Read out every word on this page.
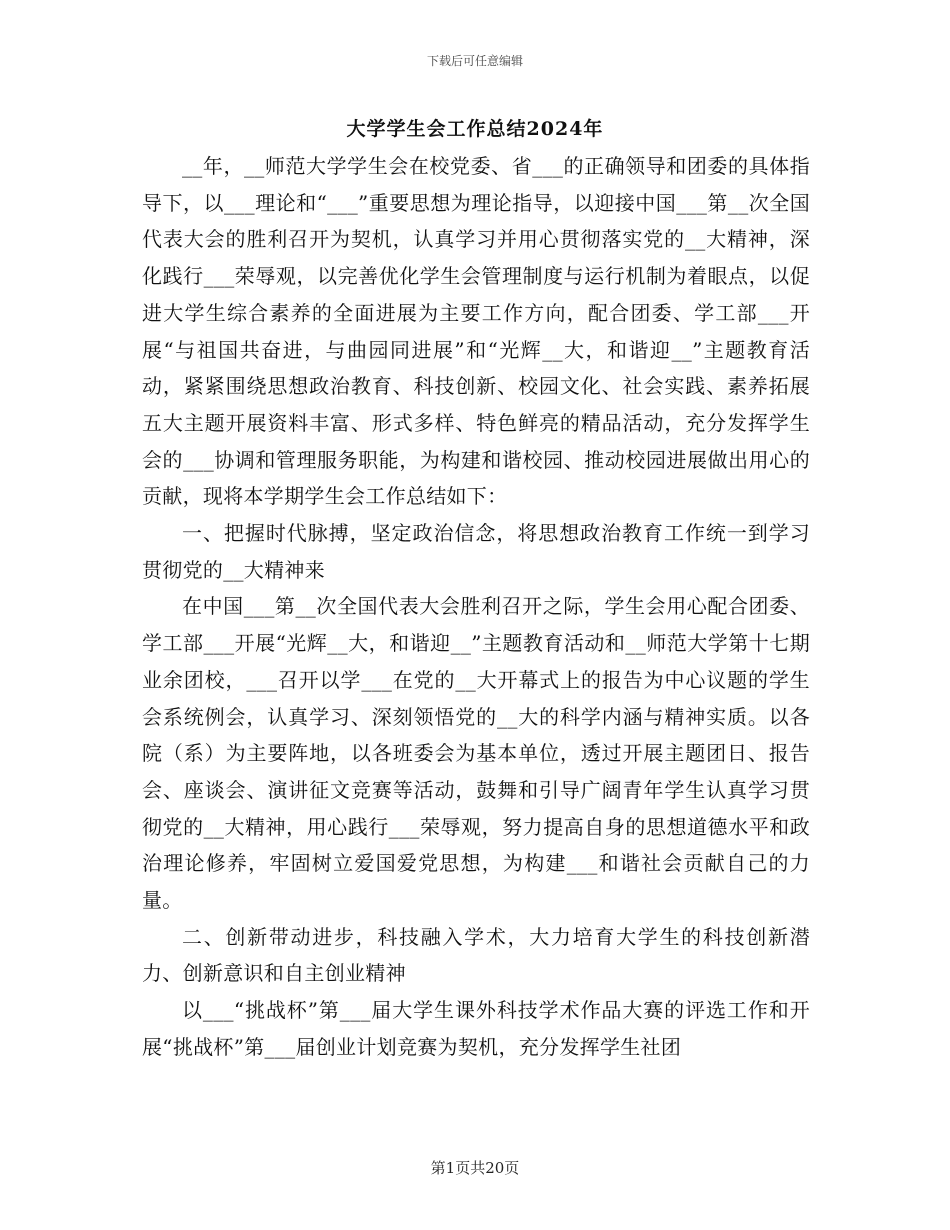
下载后可任意编辑
大学学生会工作总结2024年

__年，__师范大学学生会在校党委、省___的正确领导和团委的具体指导下，以___理论和“___”重要思想为理论指导，以迎接中国___第__次全国代表大会的胜利召开为契机，认真学习并用心贯彻落实党的__大精神，深化践行___荣辱观，以完善优化学生会管理制度与运行机制为着眼点，以促进大学生综合素养的全面进展为主要工作方向，配合团委、学工部___开展“与祖国共奋进，与曲园同进展”和“光辉__大，和谐迎__”主题教育活动，紧紧围绕思想政治教育、科技创新、校园文化、社会实践、素养拓展五大主题开展资料丰富、形式多样、特色鲜亮的精品活动，充分发挥学生会的___协调和管理服务职能，为构建和谐校园、推动校园进展做出用心的贡献，现将本学期学生会工作总结如下：

一、把握时代脉搏，坚定政治信念，将思想政治教育工作统一到学习贯彻党的__大精神来

在中国___第__次全国代表大会胜利召开之际，学生会用心配合团委、学工部___开展“光辉__大，和谐迎__”主题教育活动和__师范大学第十七期业余团校，___召开以学___在党的__大开幕式上的报告为中心议题的学生会系统例会，认真学习、深刻领悟党的__大的科学内涵与精神实质。以各院（系）为主要阵地，以各班委会为基本单位，透过开展主题团日、报告会、座谈会、演讲征文竞赛等活动，鼓舞和引导广阔青年学生认真学习贯彻党的__大精神，用心践行___荣辱观，努力提高自身的思想道德水平和政治理论修养，牢固树立爱国爱党思想，为构建___和谐社会贡献自己的力量。

二、创新带动进步，科技融入学术，大力培育大学生的科技创新潜力、创新意识和自主创业精神

以___“挑战杯”第___届大学生课外科技学术作品大赛的评选工作和开展“挑战杯”第___届创业计划竞赛为契机，充分发挥学生社团

第1页共20页
